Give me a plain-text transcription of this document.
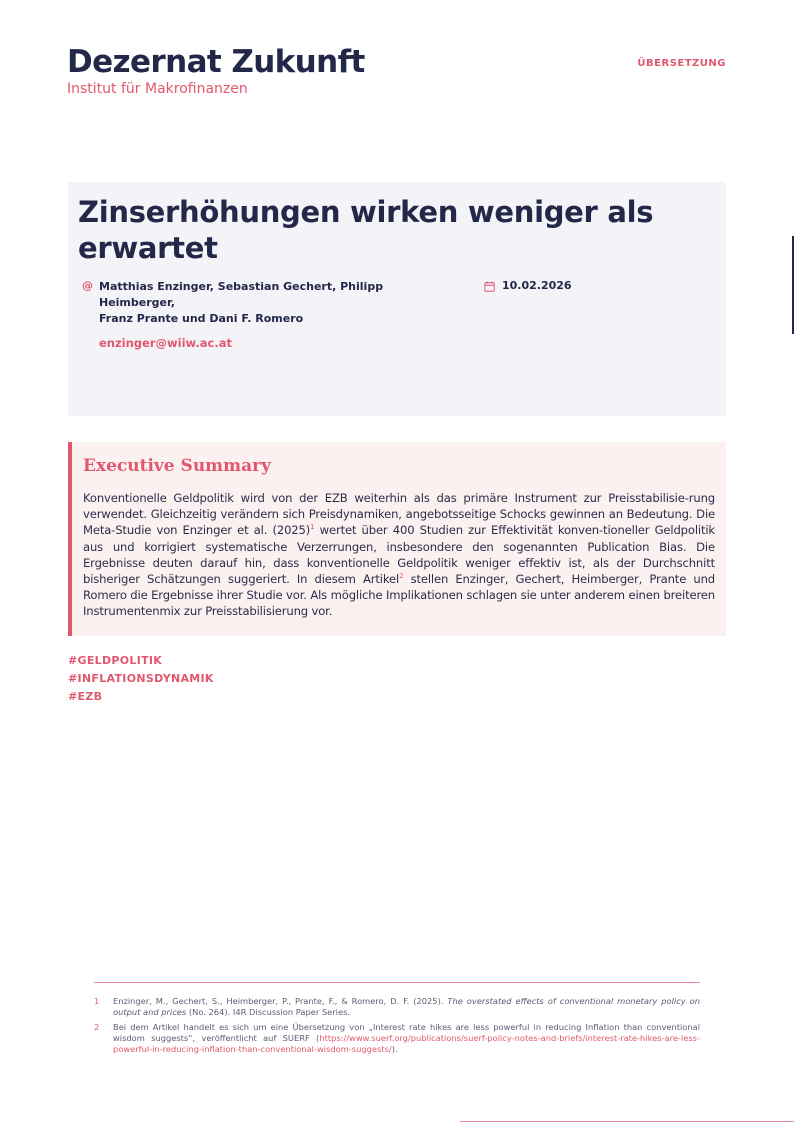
Dezernat Zukunft
Institut für Makrofinanzen
ÜBERSETZUNG
Zinserhöhungen wirken weniger als erwartet
@ Matthias Enzinger, Sebastian Gechert, Philipp Heimberger,
Franz Prante und Dani F. Romero
10.02.2026
enzinger@wiiw.ac.at
Executive Summary

Konventionelle Geldpolitik wird von der EZB weiterhin als das primäre Instrument zur Preisstabilisie-rung verwendet. Gleichzeitig verändern sich Preisdynamiken, angebotsseitige Schocks gewinnen an Bedeutung. Die Meta-Studie von Enzinger et al. $(2025)^1$ wertet über 400 Studien zur Effektivität konven-tioneller Geldpolitik aus und korrigiert systematische Verzerrungen, insbesondere den sogenannten Publication Bias. Die Ergebnisse deuten darauf hin, dass konventionelle Geldpolitik weniger effektiv ist, als der Durchschnitt bisheriger Schätzungen suggeriert. In diesem Artikel$^2$ stellen Enzinger, Gechert, Heimberger, Prante und Romero die Ergebnisse ihrer Studie vor. Als mögliche Implikationen schlagen sie unter anderem einen breiteren Instrumentenmix zur Preisstabilisierung vor.

#GELDPOLITIK
#INFLATIONSDYNAMIK
#EZB
1 Enzinger, M., Gechert, S., Heimberger, P., Prante, F., & Romero, D. F. (2025). The overstated effects of conventional monetary policy on output and prices (No. 264). I4R Discussion Paper Series.
2 Bei dem Artikel handelt es sich um eine Übersetzung von „Interest rate hikes are less powerful in reducing Inflation than conventional wisdom suggests“, veröffentlicht auf SUERF (https://www.suerf.org/publications/suerf-policy-notes-and-briefs/interest-rate-hikes-are-less-powerful-in-reducing-inflation-than-conventional-wisdom-suggests/).
